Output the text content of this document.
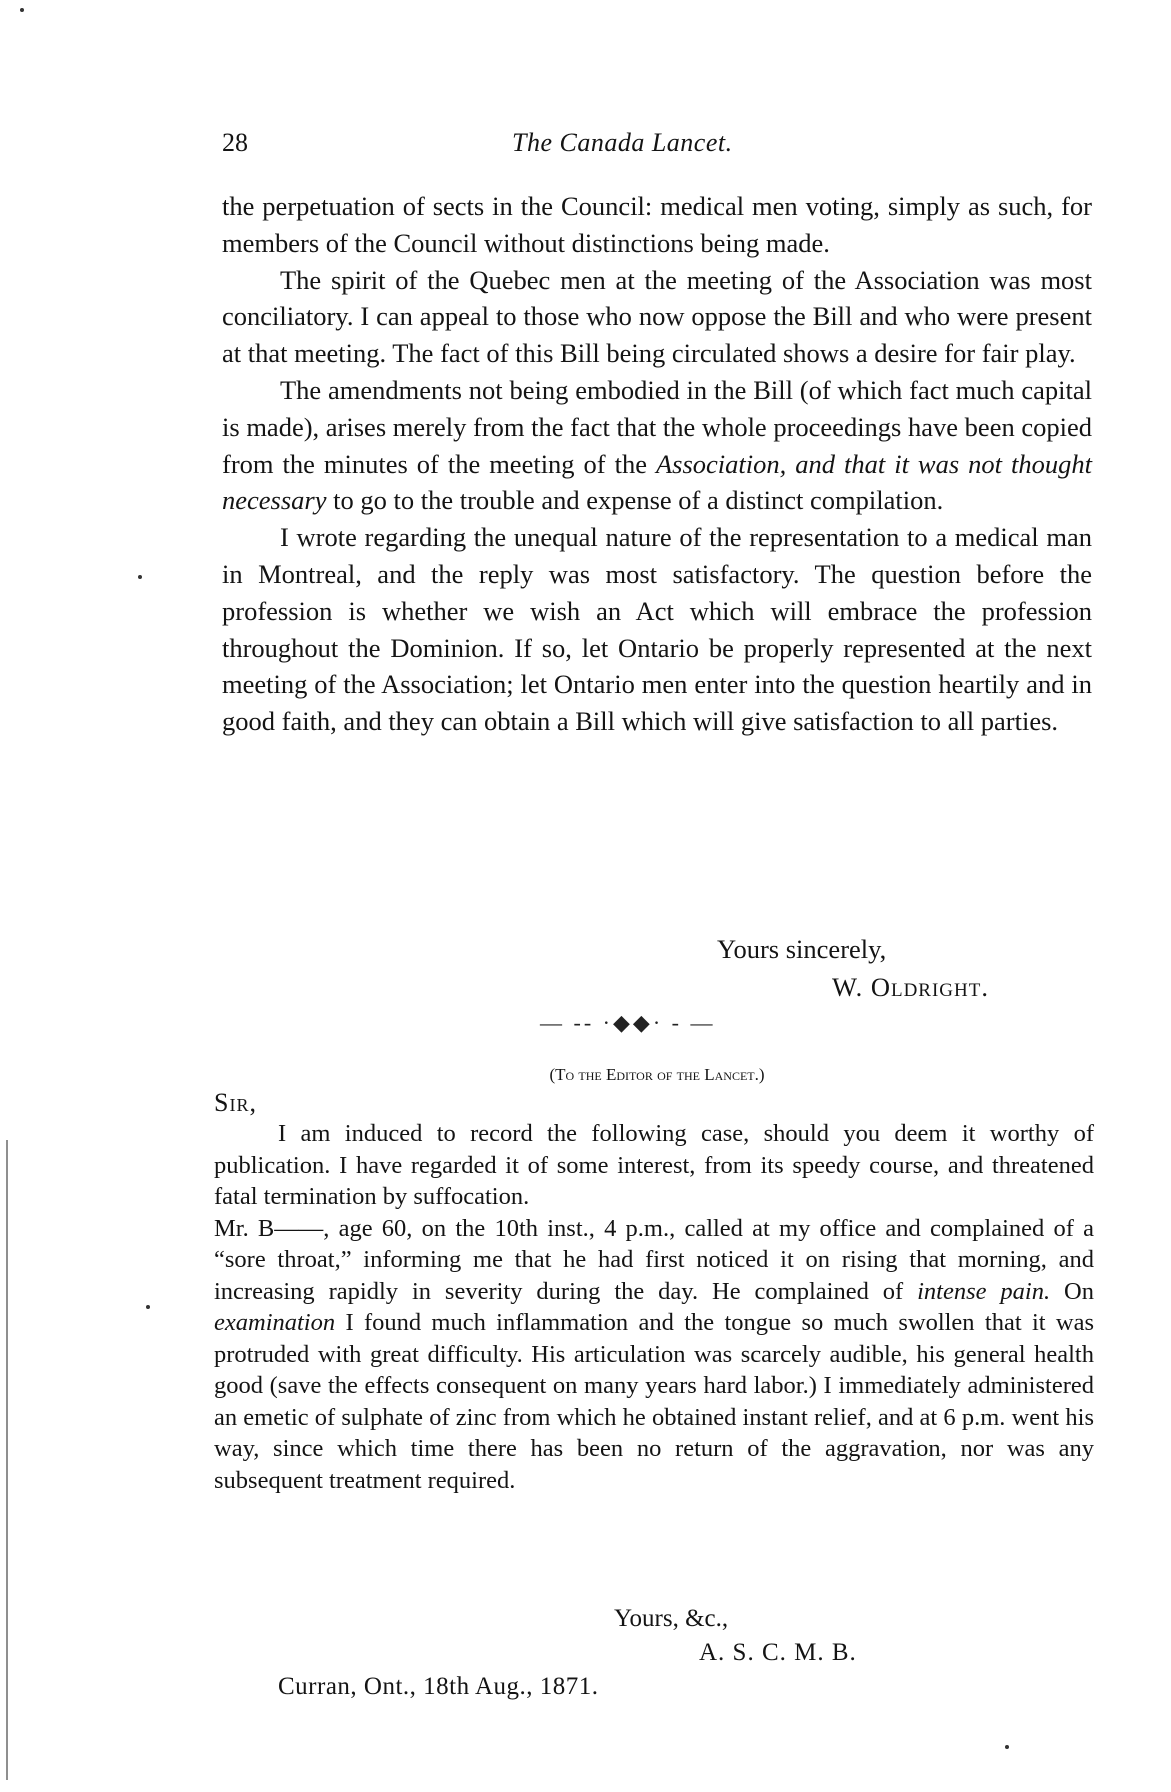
28	The Canada Lancet.

the perpetuation of sects in the Council: medical men voting, simply as such, for members of the Council without distinctions being made.

The spirit of the Quebec men at the meeting of the Association was most conciliatory. I can appeal to those who now oppose the Bill and who were present at that meeting. The fact of this Bill being circulated shows a desire for fair play.

The amendments not being embodied in the Bill (of which fact much capital is made), arises merely from the fact that the whole proceedings have been copied from the minutes of the meeting of the Association, and that it was not thought necessary to go to the trouble and expense of a distinct compilation.

I wrote regarding the unequal nature of the representation to a medical man in Montreal, and the reply was most satisfactory. The question before the profession is whether we wish an Act which will embrace the profession throughout the Dominion. If so, let Ontario be properly represented at the next meeting of the Association; let Ontario men enter into the question heartily and in good faith, and they can obtain a Bill which will give satisfaction to all parties.

Yours sincerely,

W. Oldright.

— -- ·◆◆· - —
(To the Editor of the Lancet.)
Sir,

I am induced to record the following case, should you deem it worthy of publication. I have regarded it of some interest, from its speedy course, and threatened fatal termination by suffocation.

Mr. B——, age 60, on the 10th inst., 4 p.m., called at my office and complained of a “sore throat,” informing me that he had first noticed it on rising that morning, and increasing rapidly in severity during the day. He complained of intense pain. On examination I found much inflammation and the tongue so much swollen that it was protruded with great difficulty. His articulation was scarcely audible, his general health good (save the effects consequent on many years hard labor.) I immediately administered an emetic of sulphate of zinc from which he obtained instant relief, and at 6 p.m. went his way, since which time there has been no return of the aggravation, nor was any subsequent treatment required.

Yours, &c.,

A. S. C. M. B.

Curran, Ont., 18th Aug., 1871.
